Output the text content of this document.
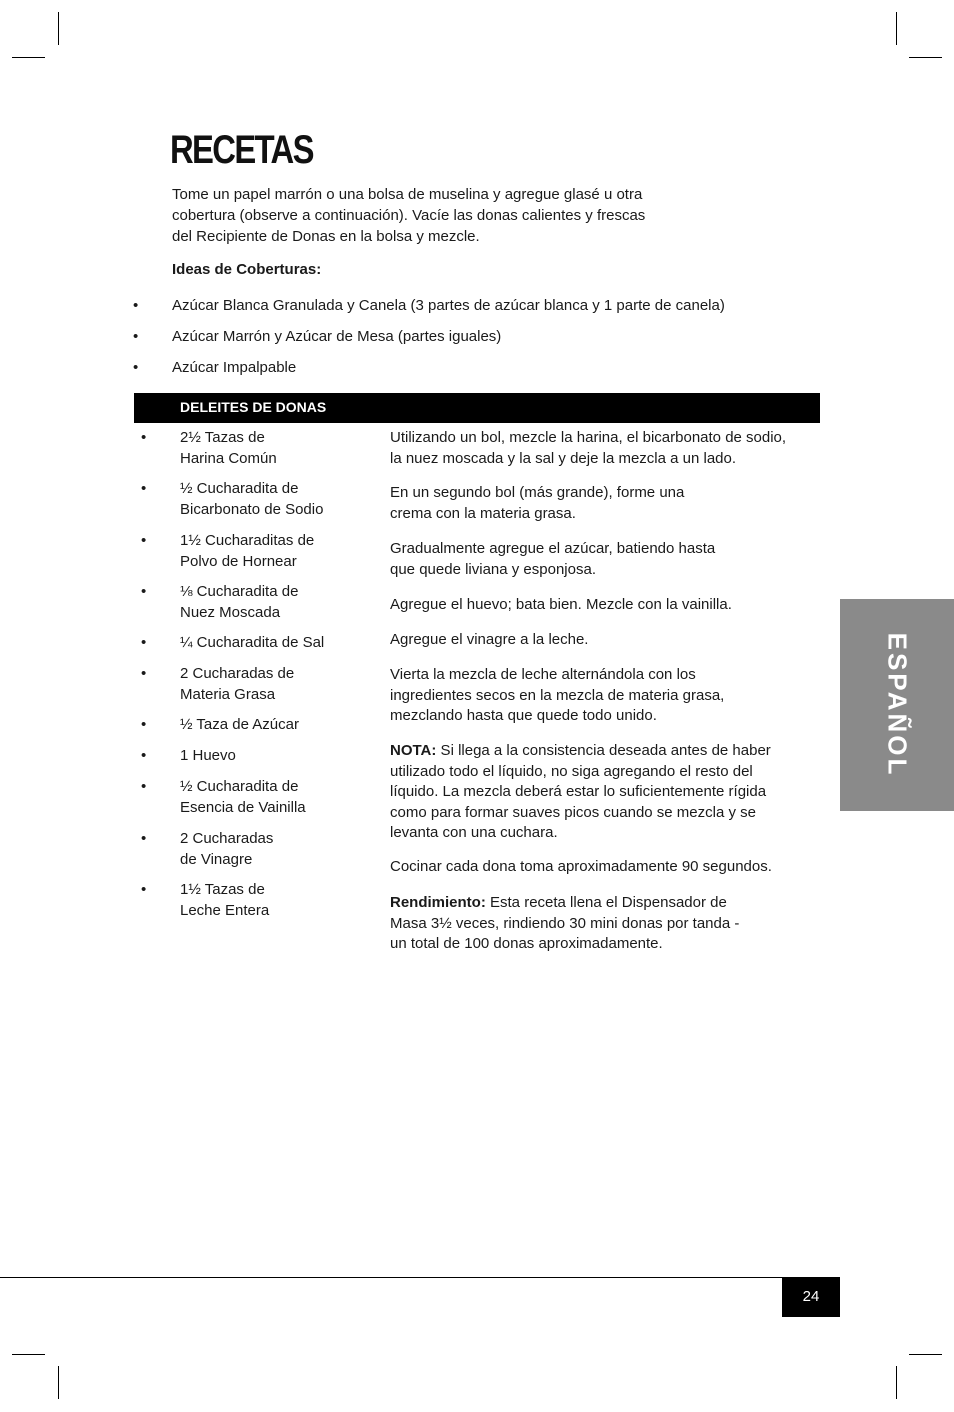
RECETAS

Tome un papel marrón o una bolsa de muselina y agregue glasé u otra cobertura (observe a continuación). Vacíe las donas calientes y frescas del Recipiente de Donas en la bolsa y mezcle.

Ideas de Coberturas:

• Azúcar Blanca Granulada y Canela (3 partes de azúcar blanca y 1 parte de canela)
• Azúcar Marrón y Azúcar de Mesa (partes iguales)
• Azúcar Impalpable
DELEITES DE DONAS
• 2½ Tazas de
Harina Común
• ½ Cucharadita de
Bicarbonato de Sodio
• 1½ Cucharaditas de
Polvo de Hornear
• ⅛ Cucharadita de
Nuez Moscada
• ¼ Cucharadita de Sal
• 2 Cucharadas de
Materia Grasa
• ½ Taza de Azúcar
• 1 Huevo
• ½ Cucharadita de
Esencia de Vainilla
• 2 Cucharadas
de Vinagre
• 1½ Tazas de
Leche Entera

Utilizando un bol, mezcle la harina, el bicarbonato de sodio, la nuez moscada y la sal y deje la mezcla a un lado.

En un segundo bol (más grande), forme una crema con la materia grasa.

Gradualmente agregue el azúcar, batiendo hasta que quede liviana y esponjosa.

Agregue el huevo; bata bien. Mezcle con la vainilla.

Agregue el vinagre a la leche.

Vierta la mezcla de leche alternándola con los ingredientes secos en la mezcla de materia grasa, mezclando hasta que quede todo unido.

NOTA: Si llega a la consistencia deseada antes de haber utilizado todo el líquido, no siga agregando el resto del líquido. La mezcla deberá estar lo suficientemente rígida como para formar suaves picos cuando se mezcla y se levanta con una cuchara.

Cocinar cada dona toma aproximadamente 90 segundos.

Rendimiento: Esta receta llena el Dispensador de Masa 3½ veces, rindiendo 30 mini donas por tanda - un total de 100 donas aproximadamente.

ESPAÑOL
24
